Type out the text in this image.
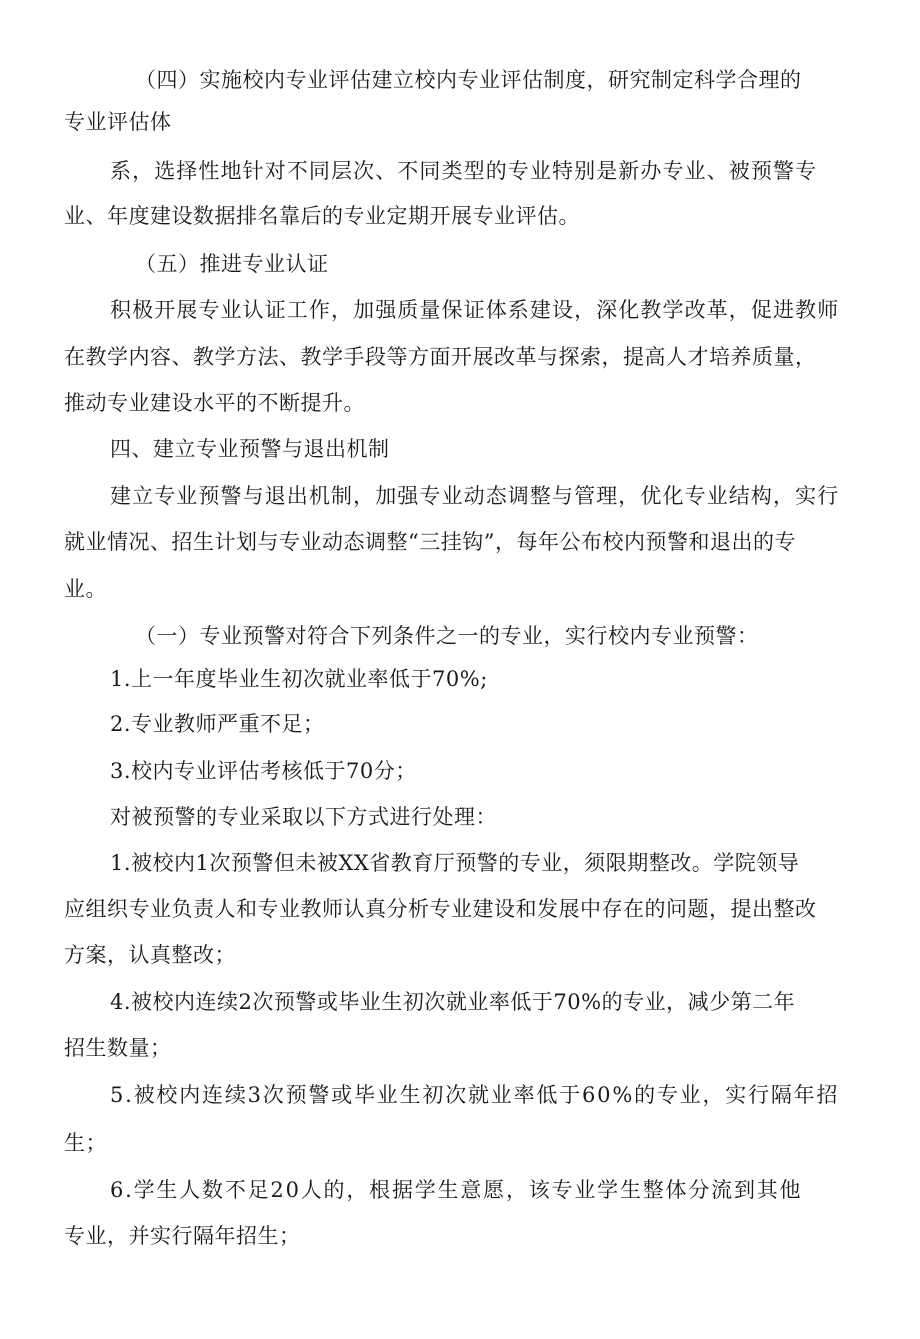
（四）实施校内专业评估建立校内专业评估制度，研究制定科学合理的

专业评估体

系，选择性地针对不同层次、不同类型的专业特别是新办专业、被预警专

业、年度建设数据排名靠后的专业定期开展专业评估。

（五）推进专业认证

积极开展专业认证工作，加强质量保证体系建设，深化教学改革，促进教师

在教学内容、教学方法、教学手段等方面开展改革与探索，提高人才培养质量，

推动专业建设水平的不断提升。

四、建立专业预警与退出机制

建立专业预警与退出机制，加强专业动态调整与管理，优化专业结构，实行

就业情况、招生计划与专业动态调整“三挂钩”，每年公布校内预警和退出的专

业。

（一）专业预警对符合下列条件之一的专业，实行校内专业预警：

1.上一年度毕业生初次就业率低于70%;

2.专业教师严重不足；

3.校内专业评估考核低于70分；

对被预警的专业采取以下方式进行处理：

1.被校内1次预警但未被XX省教育厅预警的专业，须限期整改。学院领导

应组织专业负责人和专业教师认真分析专业建设和发展中存在的问题，提出整改

方案，认真整改；

4.被校内连续2次预警或毕业生初次就业率低于70%的专业，减少第二年

招生数量；

5.被校内连续3次预警或毕业生初次就业率低于60%的专业，实行隔年招

生；

6.学生人数不足20人的，根据学生意愿，该专业学生整体分流到其他

专业，并实行隔年招生；
